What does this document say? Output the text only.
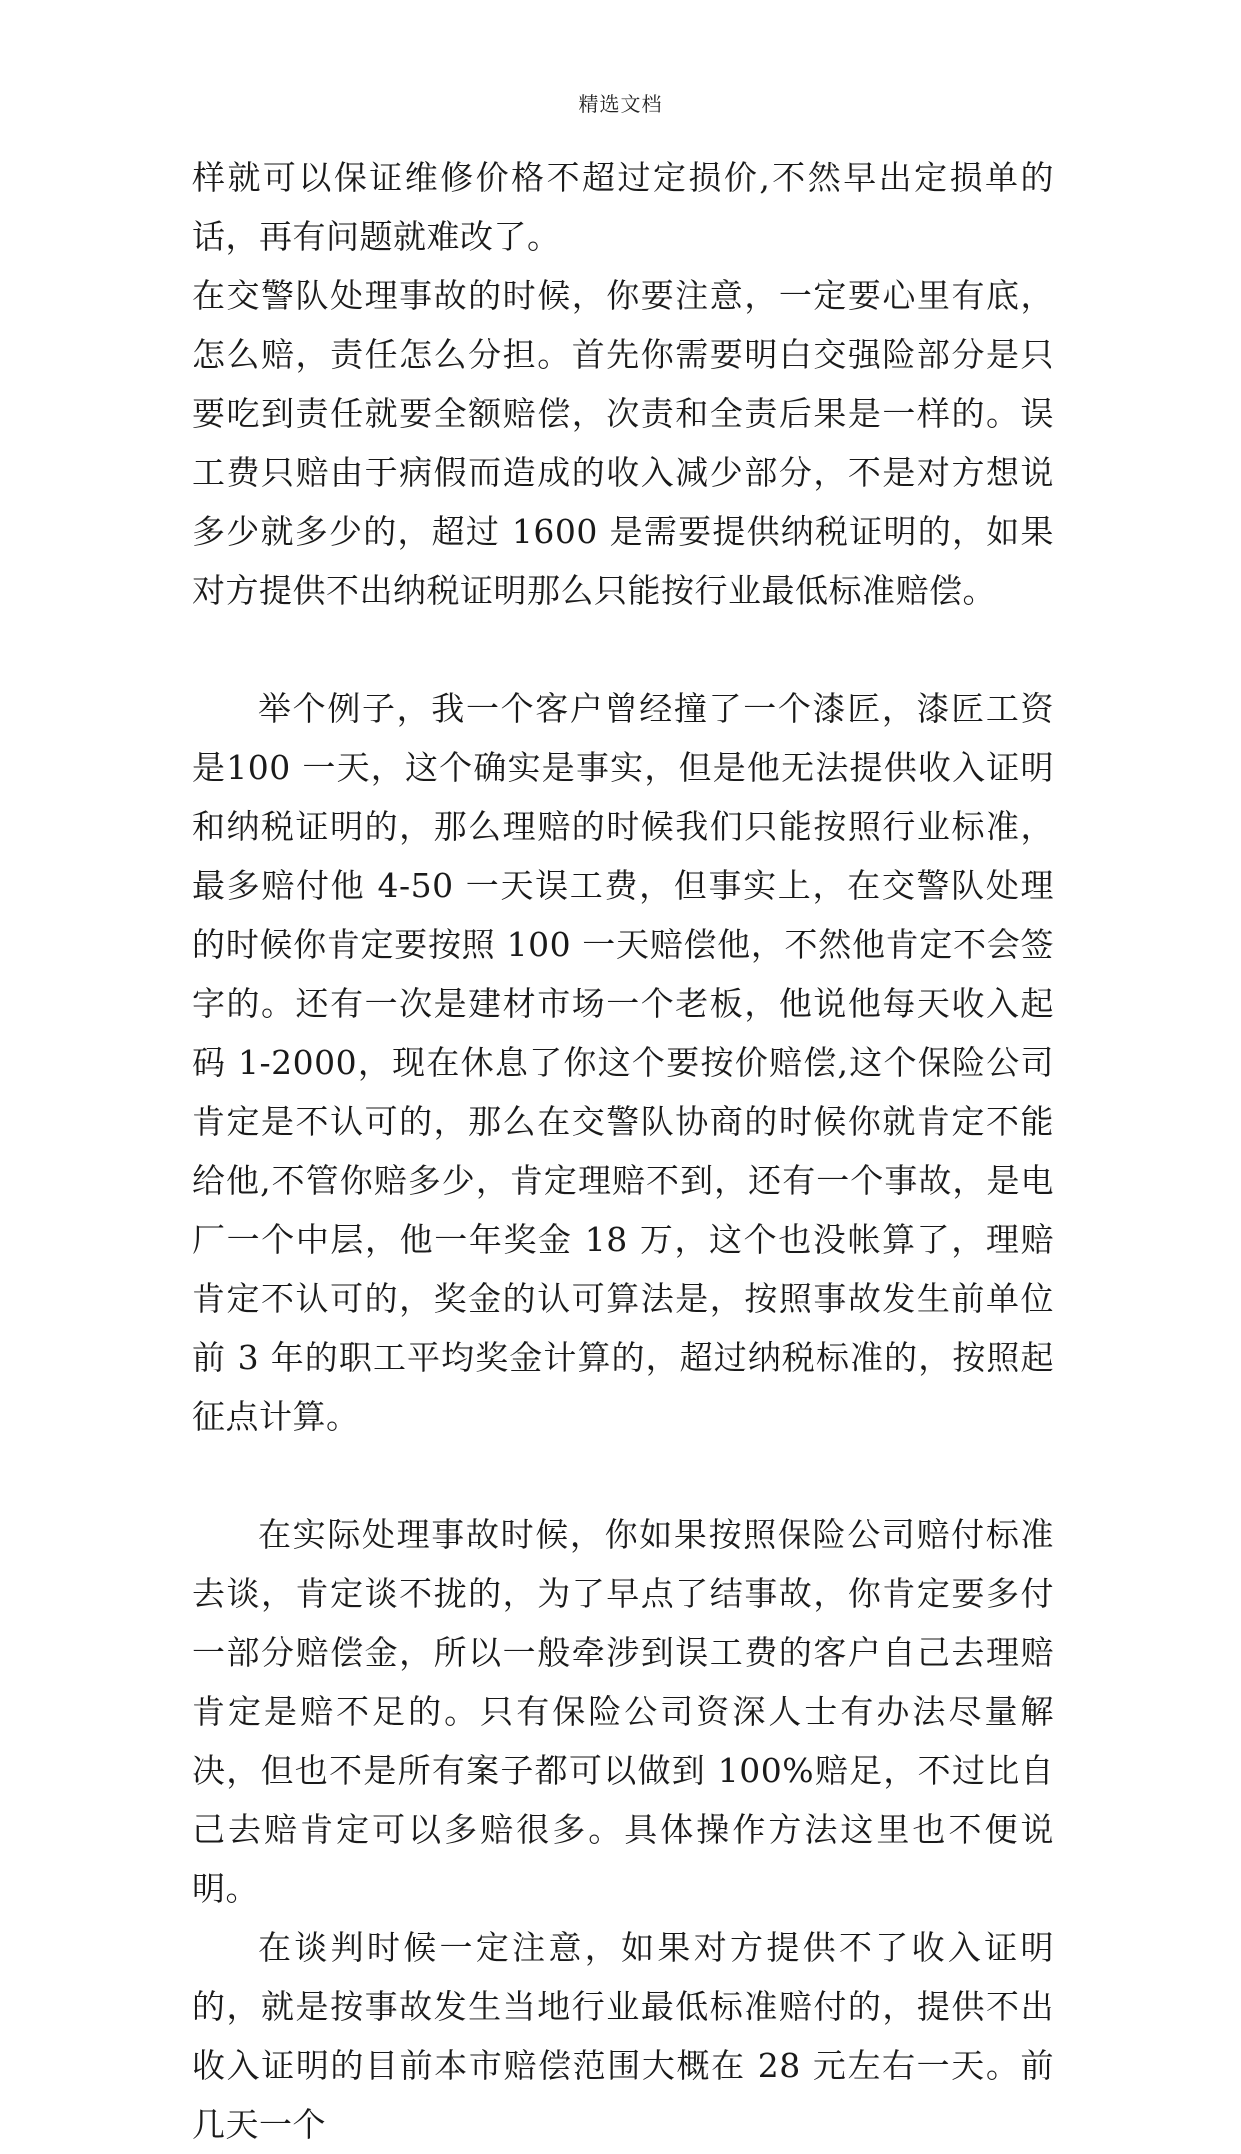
精选文档

样就可以保证维修价格不超过定损价,不然早出定损单的话，再有问题就难改了。

在交警队处理事故的时候，你要注意，一定要心里有底，怎么赔，责任怎么分担。首先你需要明白交强险部分是只要吃到责任就要全额赔偿，次责和全责后果是一样的。误工费只赔由于病假而造成的收入减少部分，不是对方想说多少就多少的，超过 1600 是需要提供纳税证明的，如果对方提供不出纳税证明那么只能按行业最低标准赔偿。

举个例子，我一个客户曾经撞了一个漆匠，漆匠工资是100 一天，这个确实是事实，但是他无法提供收入证明和纳税证明的，那么理赔的时候我们只能按照行业标准，最多赔付他 4-50 一天误工费，但事实上，在交警队处理的时候你肯定要按照 100 一天赔偿他，不然他肯定不会签字的。还有一次是建材市场一个老板，他说他每天收入起码 1-2000，现在休息了你这个要按价赔偿,这个保险公司肯定是不认可的，那么在交警队协商的时候你就肯定不能给他,不管你赔多少，肯定理赔不到，还有一个事故，是电厂一个中层，他一年奖金 18 万，这个也没帐算了，理赔肯定不认可的，奖金的认可算法是，按照事故发生前单位前 3 年的职工平均奖金计算的，超过纳税标准的，按照起征点计算。

在实际处理事故时候，你如果按照保险公司赔付标准去谈，肯定谈不拢的，为了早点了结事故，你肯定要多付一部分赔偿金，所以一般牵涉到误工费的客户自己去理赔肯定是赔不足的。只有保险公司资深人士有办法尽量解决，但也不是所有案子都可以做到 100%赔足，不过比自己去赔肯定可以多赔很多。具体操作方法这里也不便说明。

在谈判时候一定注意，如果对方提供不了收入证明的，就是按事故发生当地行业最低标准赔付的，提供不出收入证明的目前本市赔偿范围大概在 28 元左右一天。前几天一个
